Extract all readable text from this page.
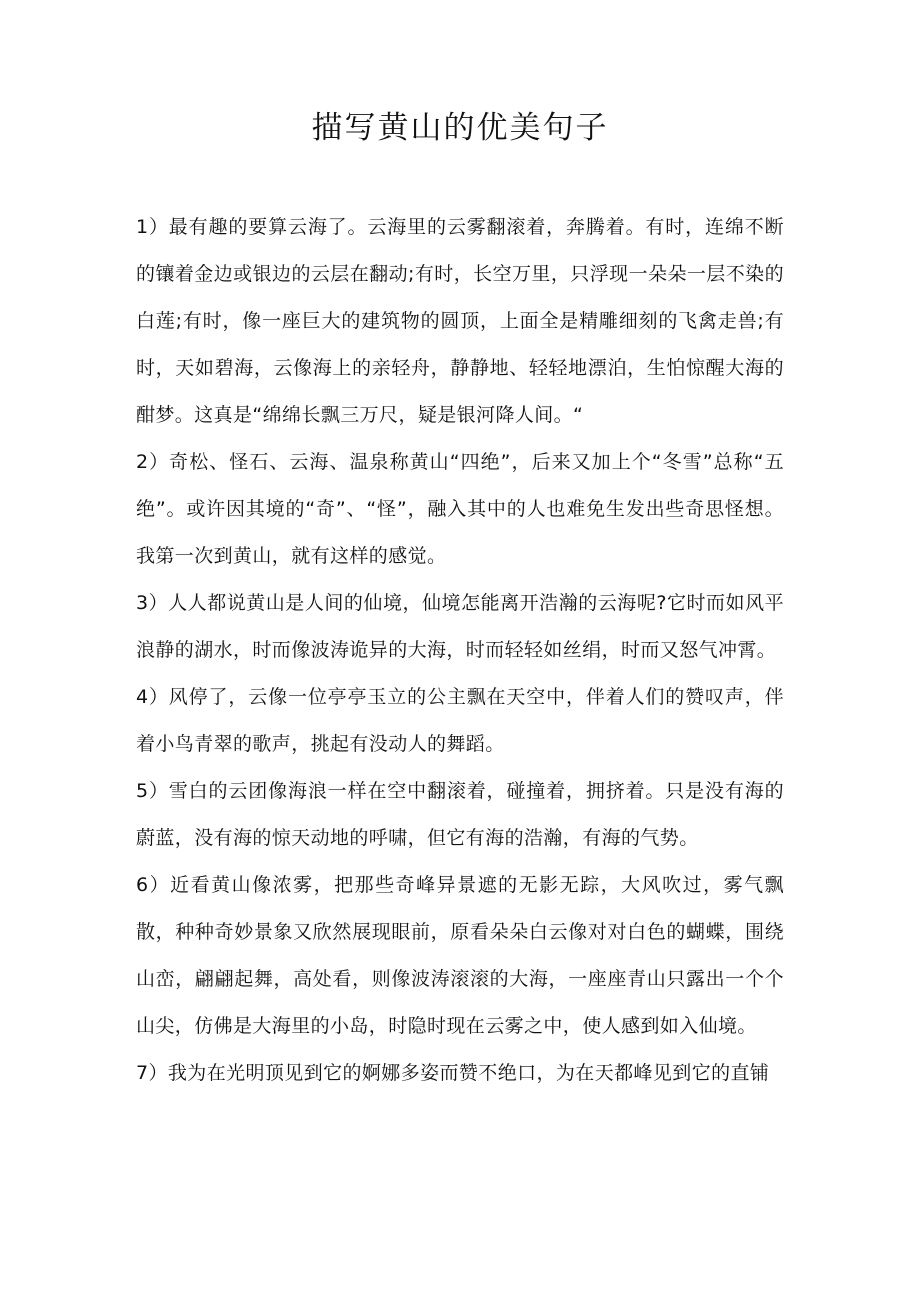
描写黄山的优美句子

1）最有趣的要算云海了。云海里的云雾翻滚着，奔腾着。有时，连绵不断的镶着金边或银边的云层在翻动;有时，长空万里，只浮现一朵朵一层不染的白莲;有时，像一座巨大的建筑物的圆顶，上面全是精雕细刻的飞禽走兽;有时，天如碧海，云像海上的亲轻舟，静静地、轻轻地漂泊，生怕惊醒大海的酣梦。这真是“绵绵长飘三万尺，疑是银河降人间。“

2）奇松、怪石、云海、温泉称黄山“四绝”，后来又加上个“冬雪”总称“五绝”。或许因其境的“奇”、“怪”，融入其中的人也难免生发出些奇思怪想。我第一次到黄山，就有这样的感觉。

3）人人都说黄山是人间的仙境，仙境怎能离开浩瀚的云海呢?它时而如风平浪静的湖水，时而像波涛诡异的大海，时而轻轻如丝绢，时而又怒气冲霄。

4）风停了，云像一位亭亭玉立的公主飘在天空中，伴着人们的赞叹声，伴着小鸟青翠的歌声，挑起有没动人的舞蹈。

5）雪白的云团像海浪一样在空中翻滚着，碰撞着，拥挤着。只是没有海的蔚蓝，没有海的惊天动地的呼啸，但它有海的浩瀚，有海的气势。

6）近看黄山像浓雾，把那些奇峰异景遮的无影无踪，大风吹过，雾气飘散，种种奇妙景象又欣然展现眼前，原看朵朵白云像对对白色的蝴蝶，围绕山峦，翩翩起舞，高处看，则像波涛滚滚的大海，一座座青山只露出一个个山尖，仿佛是大海里的小岛，时隐时现在云雾之中，使人感到如入仙境。

7）我为在光明顶见到它的婀娜多姿而赞不绝口，为在天都峰见到它的直铺
